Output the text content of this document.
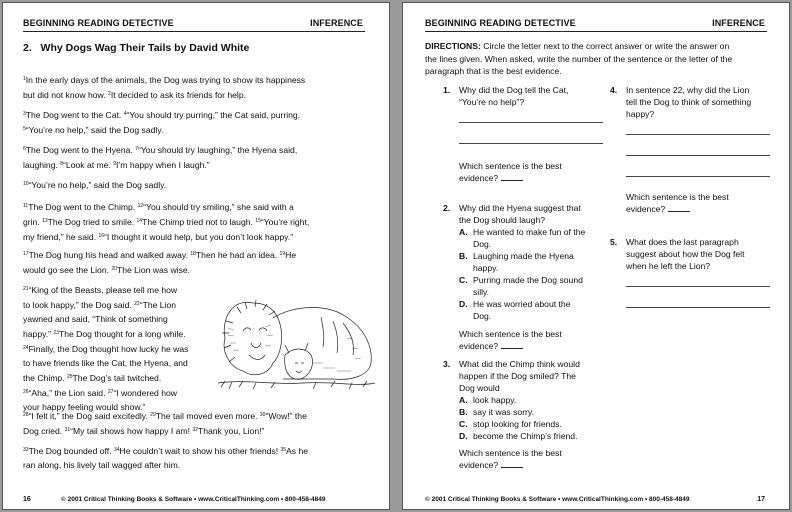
BEGINNING READING DETECTIVE	INFERENCE
2. Why Dogs Wag Their Tails by David White
$^1$In the early days of the animals, the Dog was trying to show its happiness
but did not know how. $^2$It decided to ask its friends for help.
$^3$The Dog went to the Cat. $^4$“You should try purring,” the Cat said, purring.
$^5$“You’re no help,” said the Dog sadly.
$^6$The Dog went to the Hyena. $^7$“You should try laughing,” the Hyena said,
laughing. $^8$“Look at me. $^9$I’m happy when I laugh.”
$^{10}$“You’re no help,” said the Dog sadly.
$^{11}$The Dog went to the Chimp. $^{12}$“You should try smiling,” she said with a
grin. $^{13}$The Dog tried to smile. $^{14}$The Chimp tried not to laugh. $^{15}$“You’re right,
my friend,” he said. $^{16}$“I thought it would help, but you don’t look happy.”
$^{17}$The Dog hung his head and walked away. $^{18}$Then he had an idea. $^{19}$He
would go see the Lion. $^{20}$The Lion was wise.
$^{21}$“King of the Beasts, please tell me how
to look happy,” the Dog said. $^{22}$“The Lion
yawned and said, “Think of something
happy.” $^{23}$The Dog thought for a long while.
$^{24}$Finally, the Dog thought how lucky he was
to have friends like the Cat, the Hyena, and
the Chimp. $^{25}$The Dog’s tail twitched.
$^{26}$“Aha,” the Lion said. $^{27}$“I wondered how
your happy feeling would show.”
$^{28}$“I felt it,” the Dog said excitedly. $^{29}$The tail moved even more. $^{30}$“Wow!” the
Dog cried. $^{31}$“My tail shows how happy I am! $^{32}$Thank you, Lion!”
$^{33}$The Dog bounded off. $^{34}$He couldn’t wait to show his other friends! $^{35}$As he
ran along, his lively tail wagged after him.
16	© 2001 Critical Thinking Books & Software • www.CriticalThinking.com • 800-458-4849
BEGINNING READING DETECTIVE	INFERENCE
DIRECTIONS: Circle the letter next to the correct answer or write the answer on
the lines given. When asked, write the number of the sentence or the letter of the
paragraph that is the best evidence.
1. Why did the Dog tell the Cat,
“You’re no help”?
Which sentence is the best
evidence?
2. Why did the Hyena suggest that
the Dog should laugh?
A. He wanted to make fun of the
Dog.
B. Laughing made the Hyena
happy.
C. Purring made the Dog sound
silly.
D. He was worried about the
Dog.
Which sentence is the best
evidence?
3. What did the Chimp think would
happen if the Dog smiled? The
Dog would
A. look happy.
B. say it was sorry.
C. stop looking for friends.
D. become the Chimp’s friend.
Which sentence is the best
evidence?
4. In sentence 22, why did the Lion
tell the Dog to think of something
happy?
Which sentence is the best
evidence?
5. What does the last paragraph
suggest about how the Dog felt
when he left the Lion?
© 2001 Critical Thinking Books & Software • www.CriticalThinking.com • 800-458-4849	17
